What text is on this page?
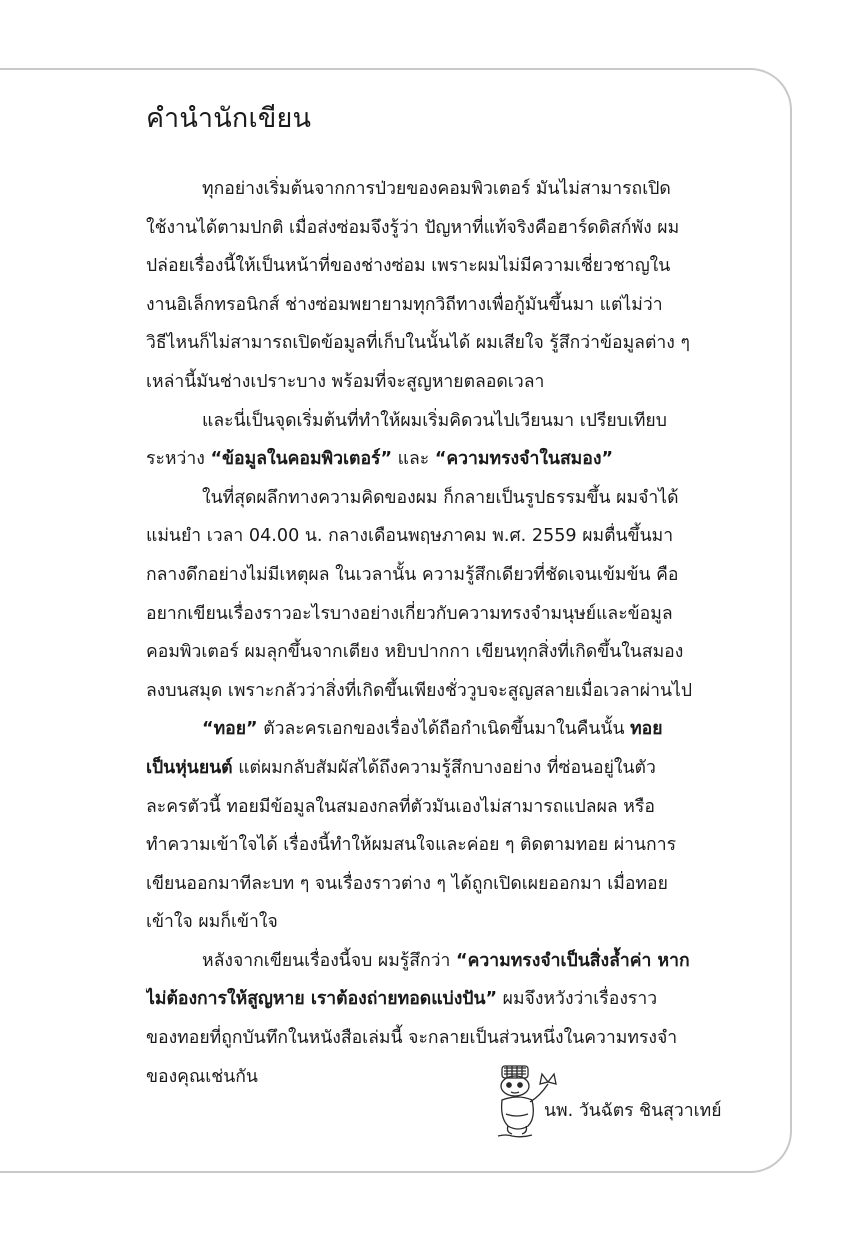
คำนำนักเขียน
ทุกอย่างเริ่มต้นจากการป่วยของคอมพิวเตอร์ มันไม่สามารถเปิด
ใช้งานได้ตามปกติ เมื่อส่งซ่อมจึงรู้ว่า ปัญหาที่แท้จริงคือฮาร์ดดิสก์พัง ผม
ปล่อยเรื่องนี้ให้เป็นหน้าที่ของช่างซ่อม เพราะผมไม่มีความเชี่ยวชาญใน
งานอิเล็กทรอนิกส์ ช่างซ่อมพยายามทุกวิถีทางเพื่อกู้มันขึ้นมา แต่ไม่ว่า
วิธีไหนก็ไม่สามารถเปิดข้อมูลที่เก็บในนั้นได้ ผมเสียใจ รู้สึกว่าข้อมูลต่าง ๆ
เหล่านี้มันช่างเปราะบาง พร้อมที่จะสูญหายตลอดเวลา
และนี่เป็นจุดเริ่มต้นที่ทำให้ผมเริ่มคิดวนไปเวียนมา เปรียบเทียบ
ระหว่าง “ข้อมูลในคอมพิวเตอร์” และ “ความทรงจำในสมอง”
ในที่สุดผลึกทางความคิดของผม ก็กลายเป็นรูปธรรมขึ้น ผมจำได้
แม่นยำ เวลา 04.00 น. กลางเดือนพฤษภาคม พ.ศ. 2559 ผมตื่นขึ้นมา
กลางดึกอย่างไม่มีเหตุผล ในเวลานั้น ความรู้สึกเดียวที่ชัดเจนเข้มข้น คือ
อยากเขียนเรื่องราวอะไรบางอย่างเกี่ยวกับความทรงจำมนุษย์และข้อมูล
คอมพิวเตอร์ ผมลุกขึ้นจากเตียง หยิบปากกา เขียนทุกสิ่งที่เกิดขึ้นในสมอง
ลงบนสมุด เพราะกลัวว่าสิ่งที่เกิดขึ้นเพียงชั่ววูบจะสูญสลายเมื่อเวลาผ่านไป
“ทอย” ตัวละครเอกของเรื่องได้ถือกำเนิดขึ้นมาในคืนนั้น ทอย
เป็นหุ่นยนต์ แต่ผมกลับสัมผัสได้ถึงความรู้สึกบางอย่าง ที่ซ่อนอยู่ในตัว
ละครตัวนี้ ทอยมีข้อมูลในสมองกลที่ตัวมันเองไม่สามารถแปลผล หรือ
ทำความเข้าใจได้ เรื่องนี้ทำให้ผมสนใจและค่อย ๆ ติดตามทอย ผ่านการ
เขียนออกมาทีละบท ๆ จนเรื่องราวต่าง ๆ ได้ถูกเปิดเผยออกมา เมื่อทอย
เข้าใจ ผมก็เข้าใจ
หลังจากเขียนเรื่องนี้จบ ผมรู้สึกว่า “ความทรงจำเป็นสิ่งล้ำค่า หาก
ไม่ต้องการให้สูญหาย เราต้องถ่ายทอดแบ่งปัน” ผมจึงหวังว่าเรื่องราว
ของทอยที่ถูกบันทึกในหนังสือเล่มนี้ จะกลายเป็นส่วนหนึ่งในความทรงจำ
ของคุณเช่นกัน
นพ. วันฉัตร ชินสุวาเทย์
